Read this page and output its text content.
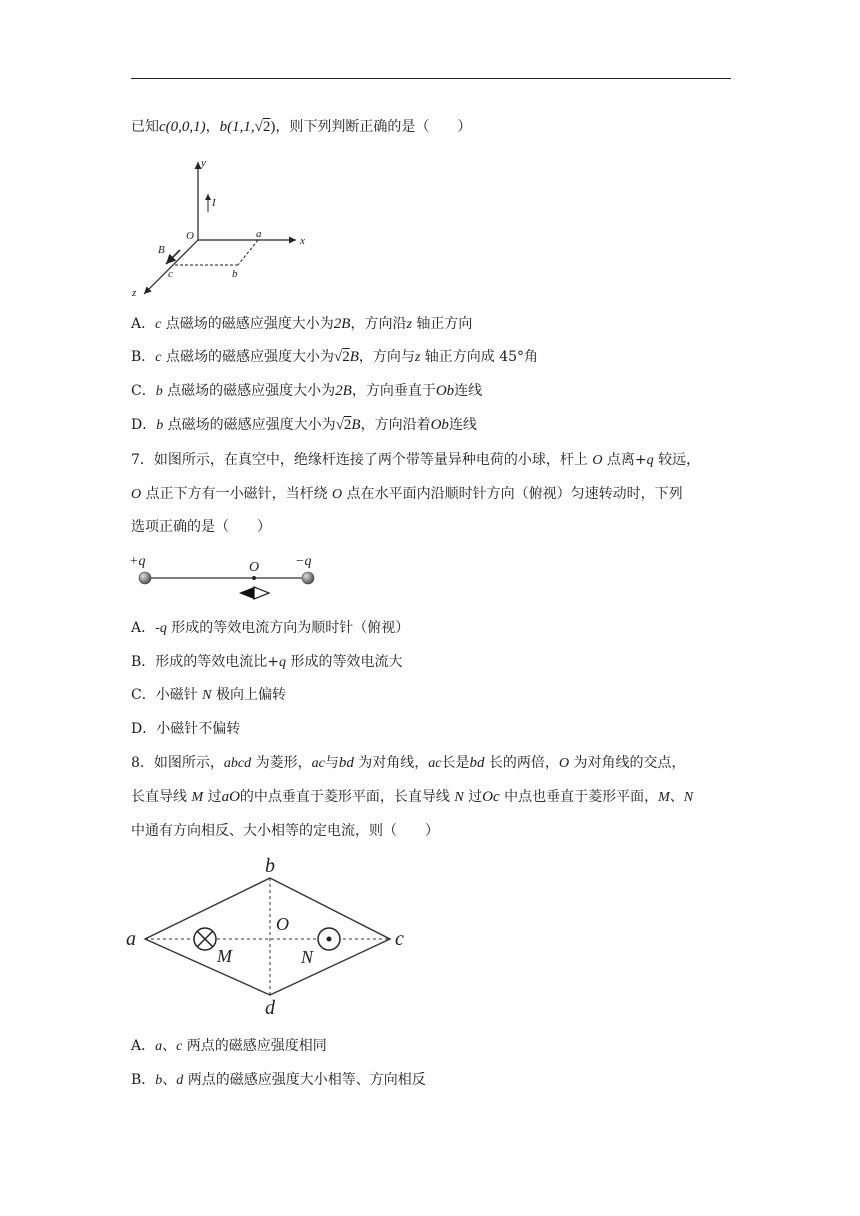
已知c(0,0,1)，b(1,1,√2)，则下列判断正确的是（　　）
y
x
z
O
I
a
B
c	b
A．c 点磁场的磁感应强度大小为2B，方向沿z 轴正方向
B．c 点磁场的磁感应强度大小为√2B，方向与z 轴正方向成 45°角
C．b 点磁场的磁感应强度大小为2B，方向垂直于Ob连线
D．b 点磁场的磁感应强度大小为√2B，方向沿着Ob连线
7．如图所示，在真空中，绝缘杆连接了两个带等量异种电荷的小球，杆上 O 点离+q 较远，
O 点正下方有一小磁针，当杆绕 O 点在水平面内沿顺时针方向（俯视）匀速转动时，下列
选项正确的是（　　）
+q	O	−q
A．-q 形成的等效电流方向为顺时针（俯视）
B．形成的等效电流比+q 形成的等效电流大
C．小磁针 N 极向上偏转
D．小磁针不偏转
8．如图所示，abcd 为菱形，ac与bd 为对角线，ac长是bd 长的两倍，O 为对角线的交点，
长直导线 M 过aO的中点垂直于菱形平面，长直导线 N 过Oc 中点也垂直于菱形平面，M、N
中通有方向相反、大小相等的定电流，则（　　）
a
b
c
d
O
M	N
A．a、c 两点的磁感应强度相同
B．b、d 两点的磁感应强度大小相等、方向相反
